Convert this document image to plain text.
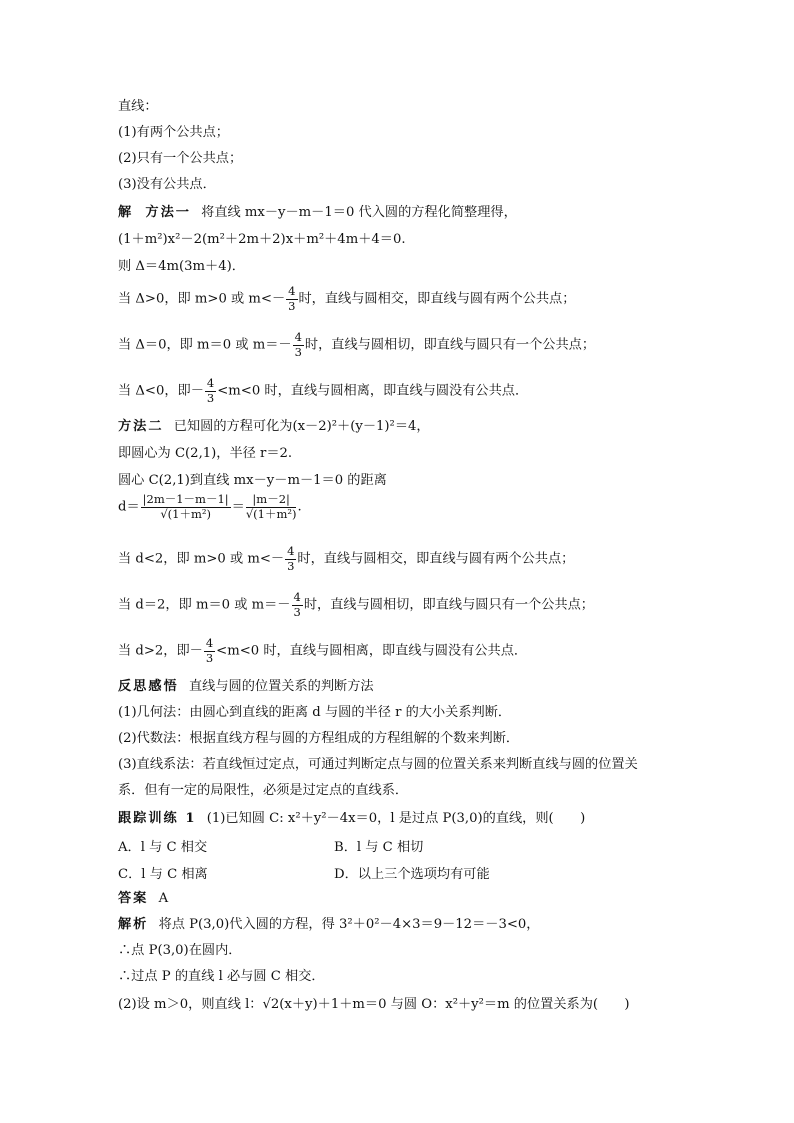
直线：
(1)有两个公共点；
(2)只有一个公共点；
(3)没有公共点．
解 方法一 将直线 mx－y－m－1＝0 代入圆的方程化简整理得，
(1＋m²)x²－2(m²＋2m＋2)x＋m²＋4m＋4＝0.
则 Δ＝4m(3m＋4)．
当 Δ>0，即 m>0 或 $m<- \frac{4}{3}$ 时，直线与圆相交，即直线与圆有两个公共点；
当 Δ＝0，即 m＝0 或 $m=- \frac{4}{3}$ 时，直线与圆相切，即直线与圆只有一个公共点；
当 Δ<0，即－ $\frac{4}{3} <m<0$ 时，直线与圆相离，即直线与圆没有公共点．
方法二 已知圆的方程可化为(x－2)²＋(y－1)²＝4，
即圆心为 C(2,1)，半径 r＝2.
圆心 C(2,1)到直线 mx－y－m－1＝0 的距离
$d= \frac{|2m-1-m-1|}{\text{√(1＋m²)}} = \frac{|m-2|}{\text{√(1＋m²)}}$ .
当 d<2，即 m>0 或 $m<- \frac{4}{3}$ 时，直线与圆相交，即直线与圆有两个公共点；
当 d＝2，即 m＝0 或 $m=- \frac{4}{3}$ 时，直线与圆相切，即直线与圆只有一个公共点；
当 d>2，即－ $\frac{4}{3} <m<0$ 时，直线与圆相离，即直线与圆没有公共点．
反思感悟 直线与圆的位置关系的判断方法
(1)几何法：由圆心到直线的距离 d 与圆的半径 r 的大小关系判断．
(2)代数法：根据直线方程与圆的方程组成的方程组解的个数来判断．
(3)直线系法：若直线恒过定点，可通过判断定点与圆的位置关系来判断直线与圆的位置关
系．但有一定的局限性，必须是过定点的直线系．
跟踪训练 1 (1)已知圆 C: x²＋y²－4x＝0，l 是过点 P(3,0)的直线，则(　　)
A．l 与 C 相交	B．l 与 C 相切
C．l 与 C 相离	D．以上三个选项均有可能
答案 A
解析 将点 P(3,0)代入圆的方程，得 3²＋0²－4×3＝9－12＝－3<0，
∴点 P(3,0)在圆内．
∴过点 P 的直线 l 必与圆 C 相交．
(2)设 m＞0，则直线 l：√2(x＋y)＋1＋m＝0 与圆 O：x²＋y²＝m 的位置关系为(　　)
